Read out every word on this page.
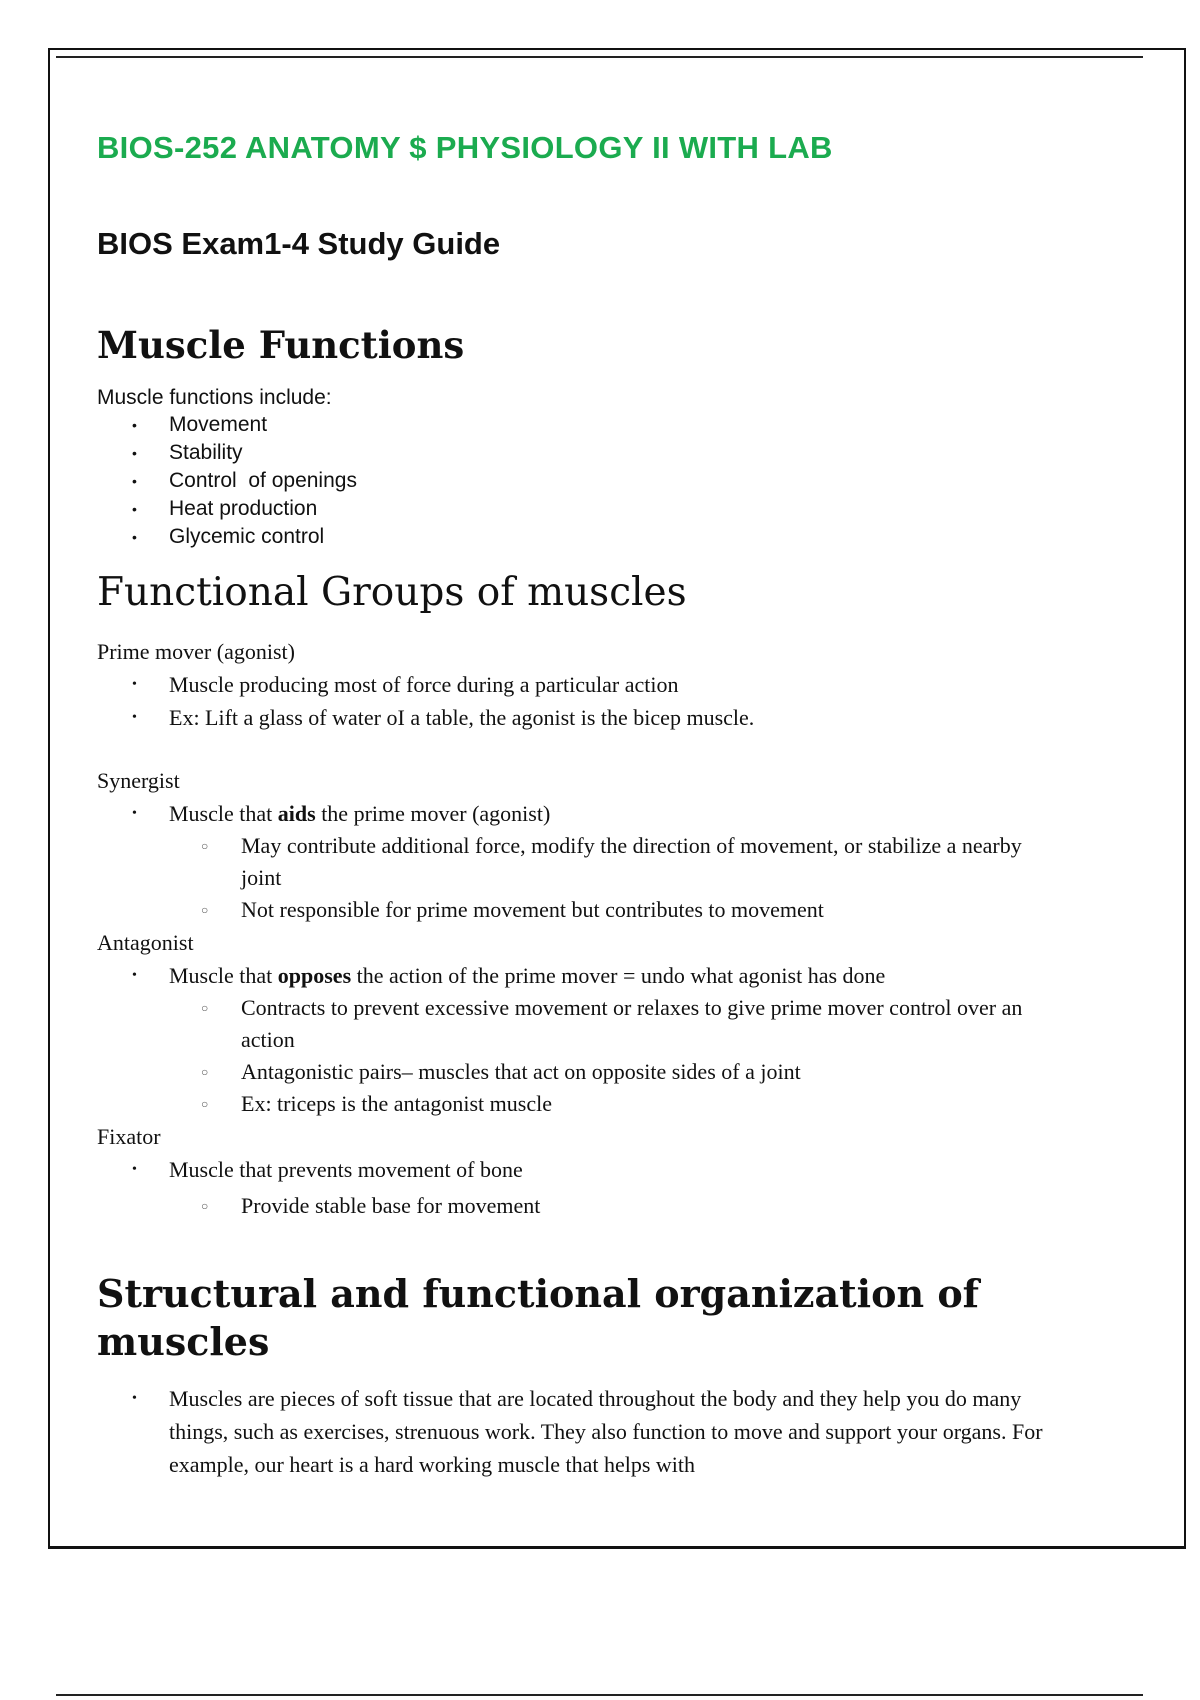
BIOS-252 ANATOMY $ PHYSIOLOGY II WITH LAB
BIOS Exam1-4 Study Guide
Muscle Functions

Muscle functions include:

• Movement
• Stability
• Control  of openings
• Heat production
• Glycemic control
Functional Groups of muscles

Prime mover (agonist)

• Muscle producing most of force during a particular action
• Ex: Lift a glass of water oI a table, the agonist is the bicep muscle.

Synergist

• Muscle that aids the prime mover (agonist)
○ May contribute additional force, modify the direction of movement, or stabilize a nearby joint
○ Not responsible for prime movement but contributes to movement

Antagonist

• Muscle that opposes the action of the prime mover = undo what agonist has done
○ Contracts to prevent excessive movement or relaxes to give prime mover control over an action
○ Antagonistic pairs– muscles that act on opposite sides of a joint
○ Ex: triceps is the antagonist muscle

Fixator

• Muscle that prevents movement of bone
○ Provide stable base for movement
Structural and functional organization of muscles
• Muscles are pieces of soft tissue that are located throughout the body and they help you do many things, such as exercises, strenuous work. They also function to move and support your organs. For example, our heart is a hard working muscle that helps with
